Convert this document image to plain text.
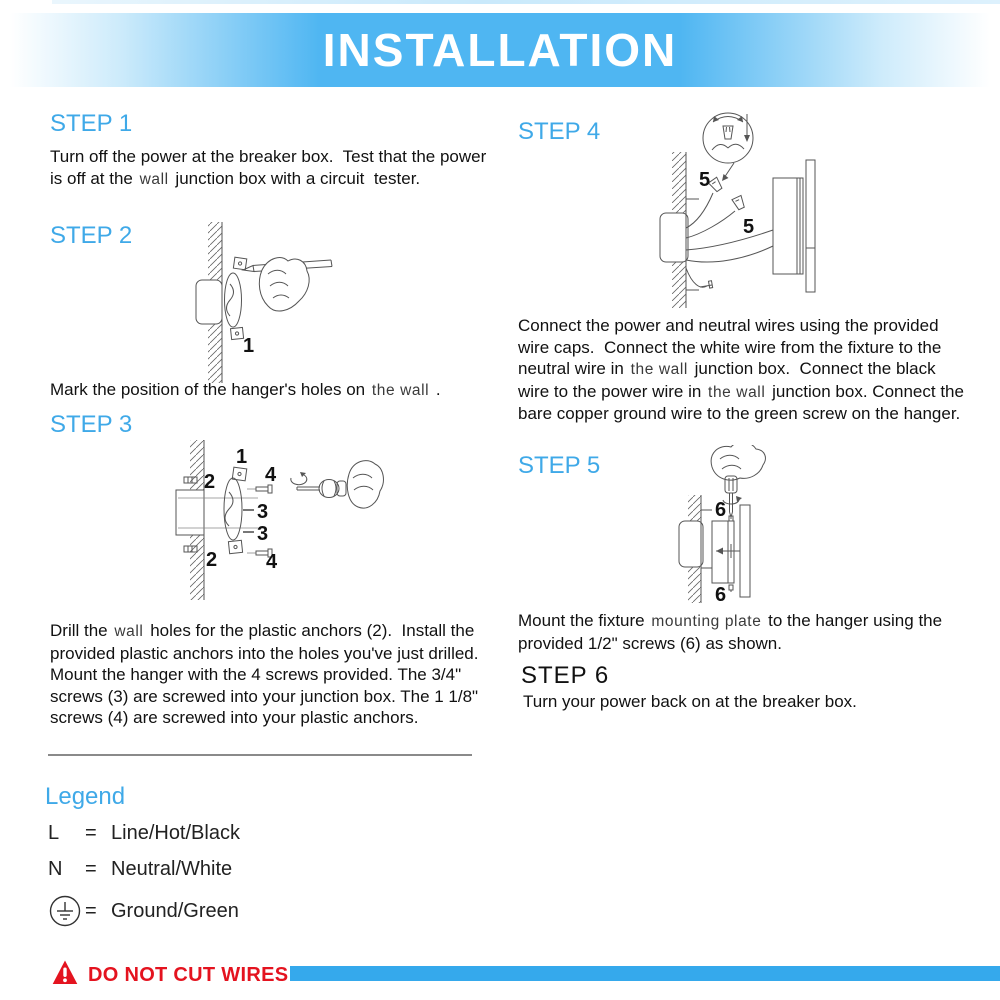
INSTALLATION
STEP 1

Turn off the power at the breaker box.  Test that the power is off at the wall junction box with a circuit  tester.

STEP 2
1

Mark the position of the hanger's holes on the wall .

STEP 3
1
2 4
3
3
2 4

Drill the wall holes for the plastic anchors (2).  Install the provided plastic anchors into the holes you've just drilled.  Mount the hanger with the 4 screws provided. The 3/4" screws (3) are screwed into your junction box. The 1 1/8" screws (4) are screwed into your plastic anchors.

Legend
L	= Line/Hot/Black
N	= Neutral/White
= Ground/Green
DO NOT CUT WIRES
STEP 4
5
5

Connect the power and neutral wires using the provided wire caps.  Connect the white wire from the fixture to the neutral wire in the wall junction box.  Connect the black wire to the power wire in the wall junction box. Connect the bare copper ground wire to the green screw on the hanger.

STEP 5
6
6

Mount the fixture mounting plate to the hanger using the provided 1/2" screws (6) as shown.

STEP 6

Turn your power back on at the breaker box.
